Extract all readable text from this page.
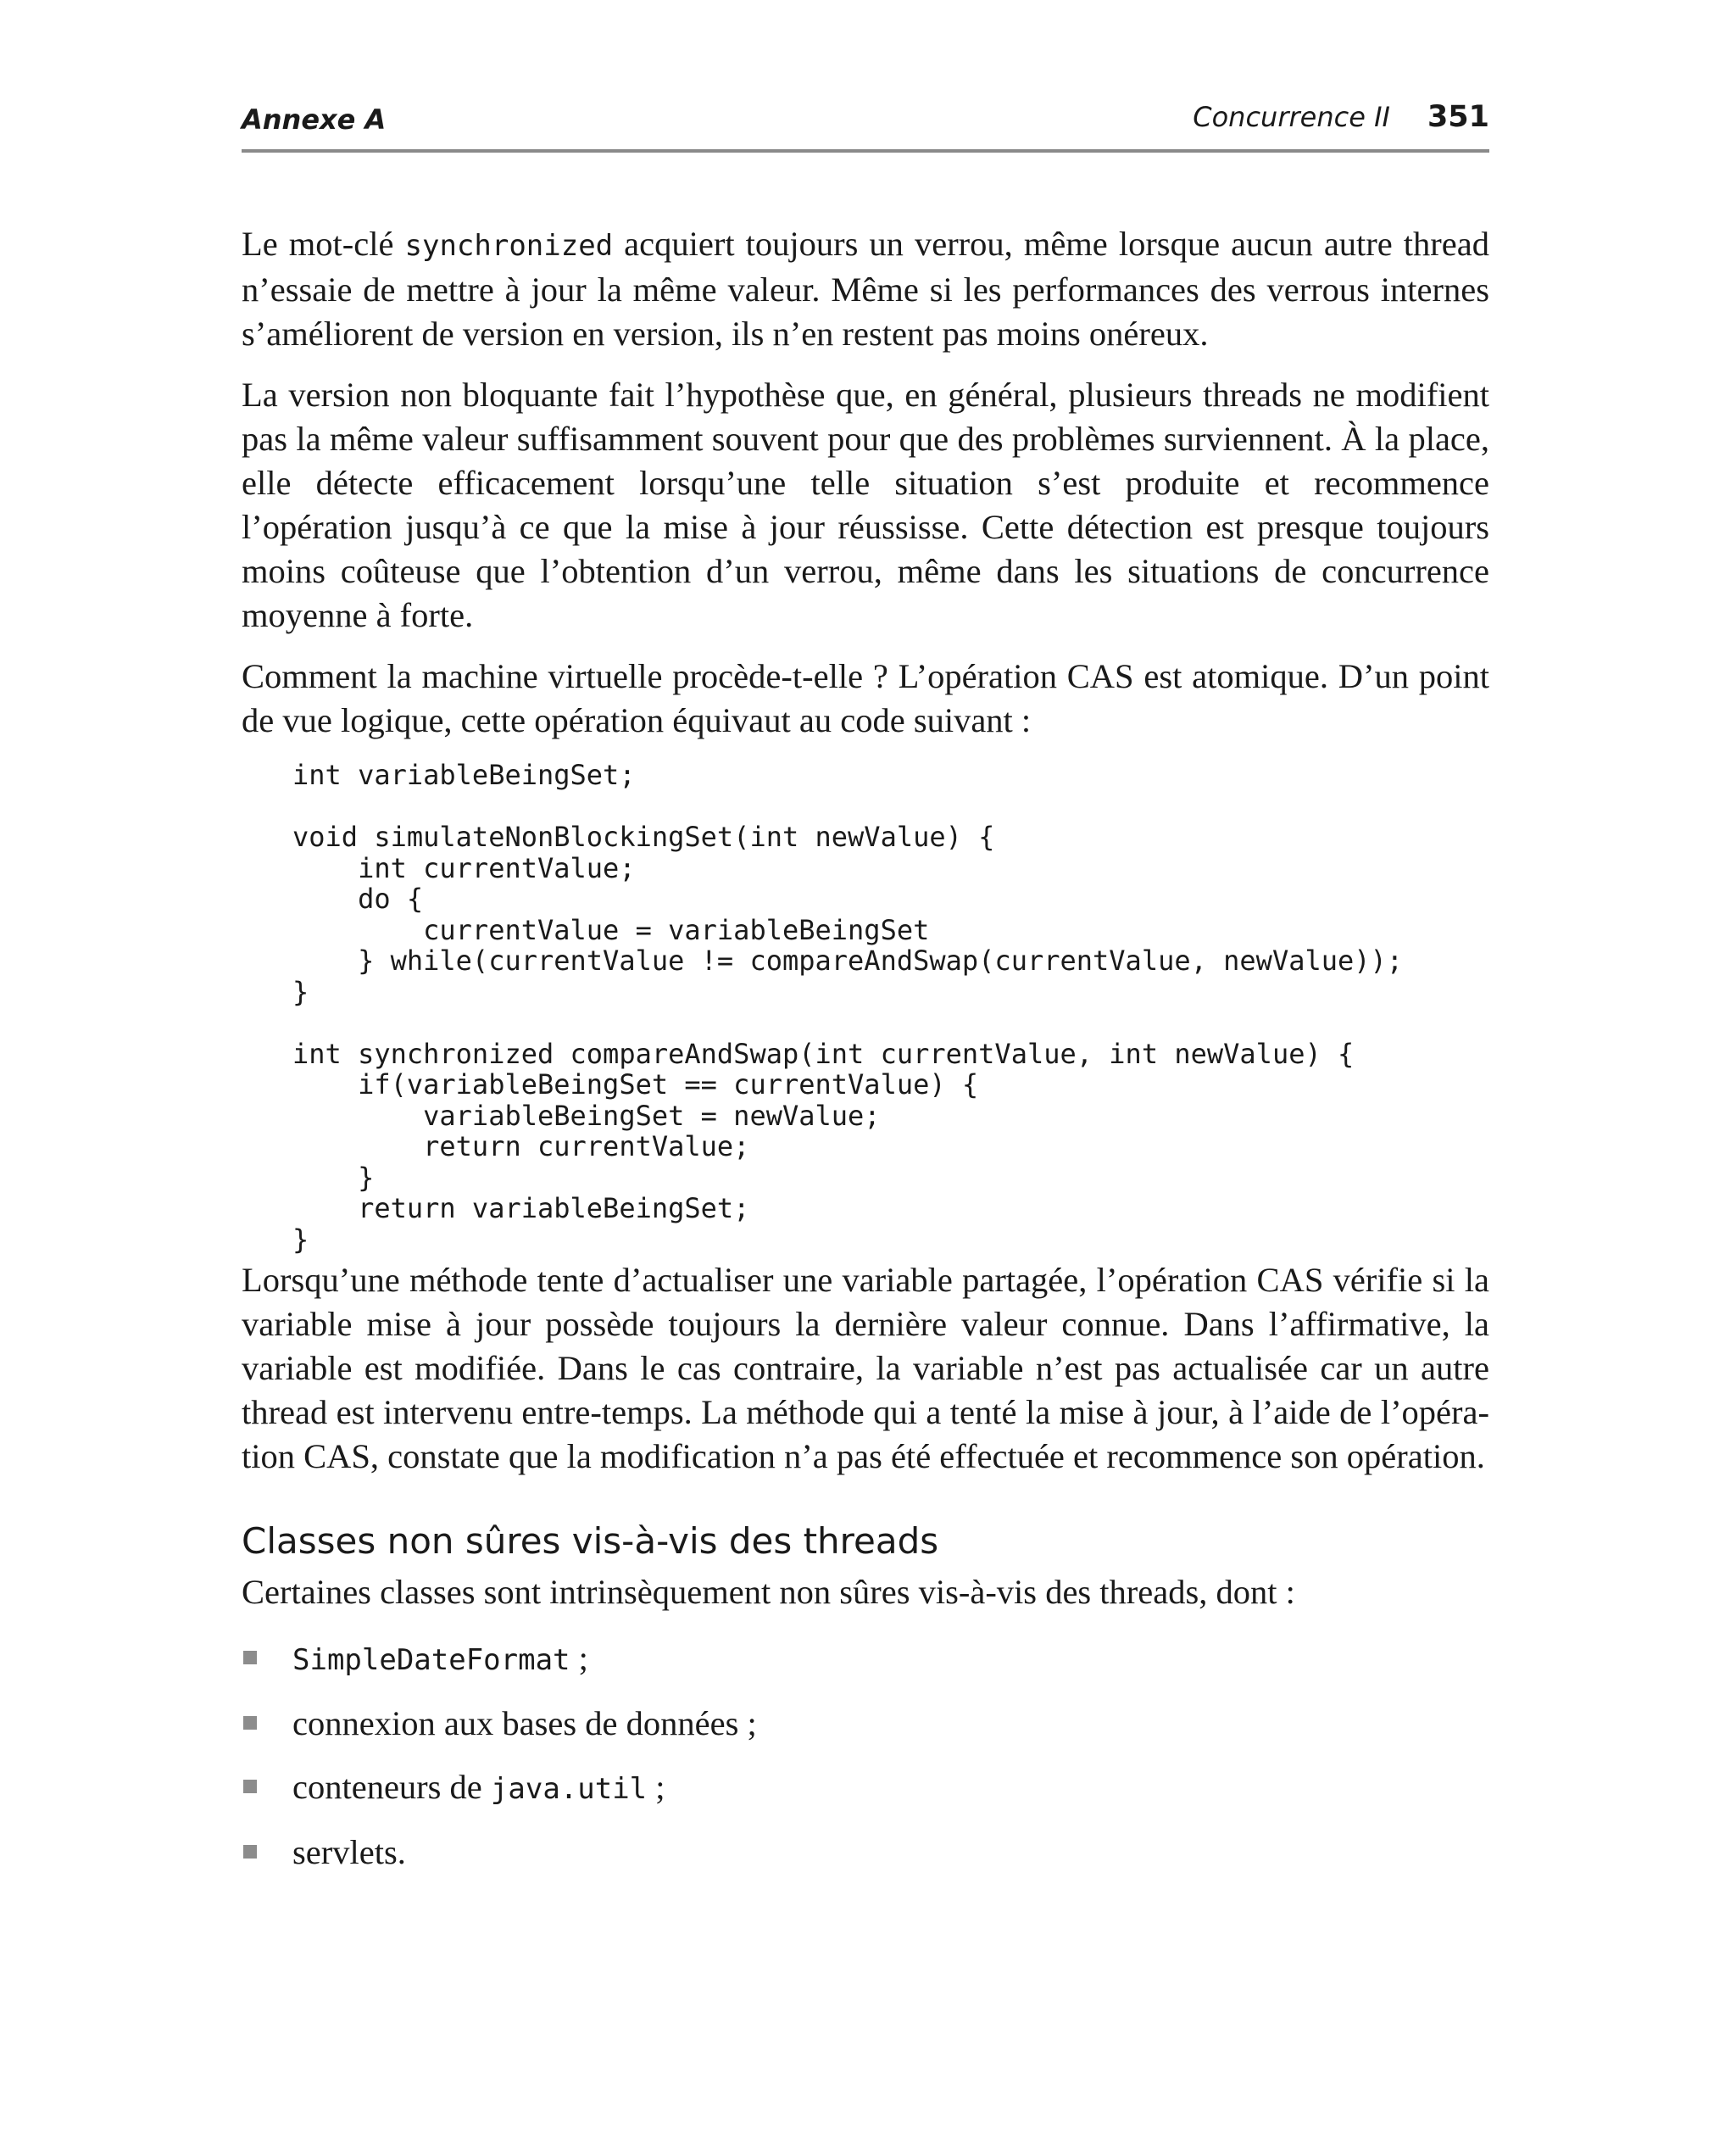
Annexe A	Concurrence II 351

Le mot-clé synchronized acquiert toujours un verrou, même lorsque aucun autre thread n’essaie de mettre à jour la même valeur. Même si les performances des verrous internes s’améliorent de version en version, ils n’en restent pas moins onéreux.

La version non bloquante fait l’hypothèse que, en général, plusieurs threads ne modifient pas la même valeur suffisamment souvent pour que des problèmes surviennent. À la place, elle détecte efficacement lorsqu’une telle situation s’est produite et recommence l’opération jusqu’à ce que la mise à jour réussisse. Cette détection est presque toujours moins coûteuse que l’obtention d’un verrou, même dans les situations de concurrence moyenne à forte.

Comment la machine virtuelle procède-t-elle ? L’opération CAS est atomique. D’un point de vue logique, cette opération équivaut au code suivant :

int variableBeingSet;

void simulateNonBlockingSet(int newValue) {
int currentValue;
do {
currentValue = variableBeingSet
} while(currentValue != compareAndSwap(currentValue, newValue));
}

int synchronized compareAndSwap(int currentValue, int newValue) {
if(variableBeingSet == currentValue) {
variableBeingSet = newValue;
return currentValue;
}
return variableBeingSet;
}

Lorsqu’une méthode tente d’actualiser une variable partagée, l’opération CAS vérifie si la variable mise à jour possède toujours la dernière valeur connue. Dans l’affirmative, la variable est modifiée. Dans le cas contraire, la variable n’est pas actualisée car un autre thread est intervenu entre-temps. La méthode qui a tenté la mise à jour, à l’aide de l’opération CAS, constate que la modification n’a pas été effectuée et recommence son opération.

Classes non sûres vis-à-vis des threads

Certaines classes sont intrinsèquement non sûres vis-à-vis des threads, dont :

SimpleDateFormat ;
connexion aux bases de données ;
conteneurs de java.util ;
servlets.
